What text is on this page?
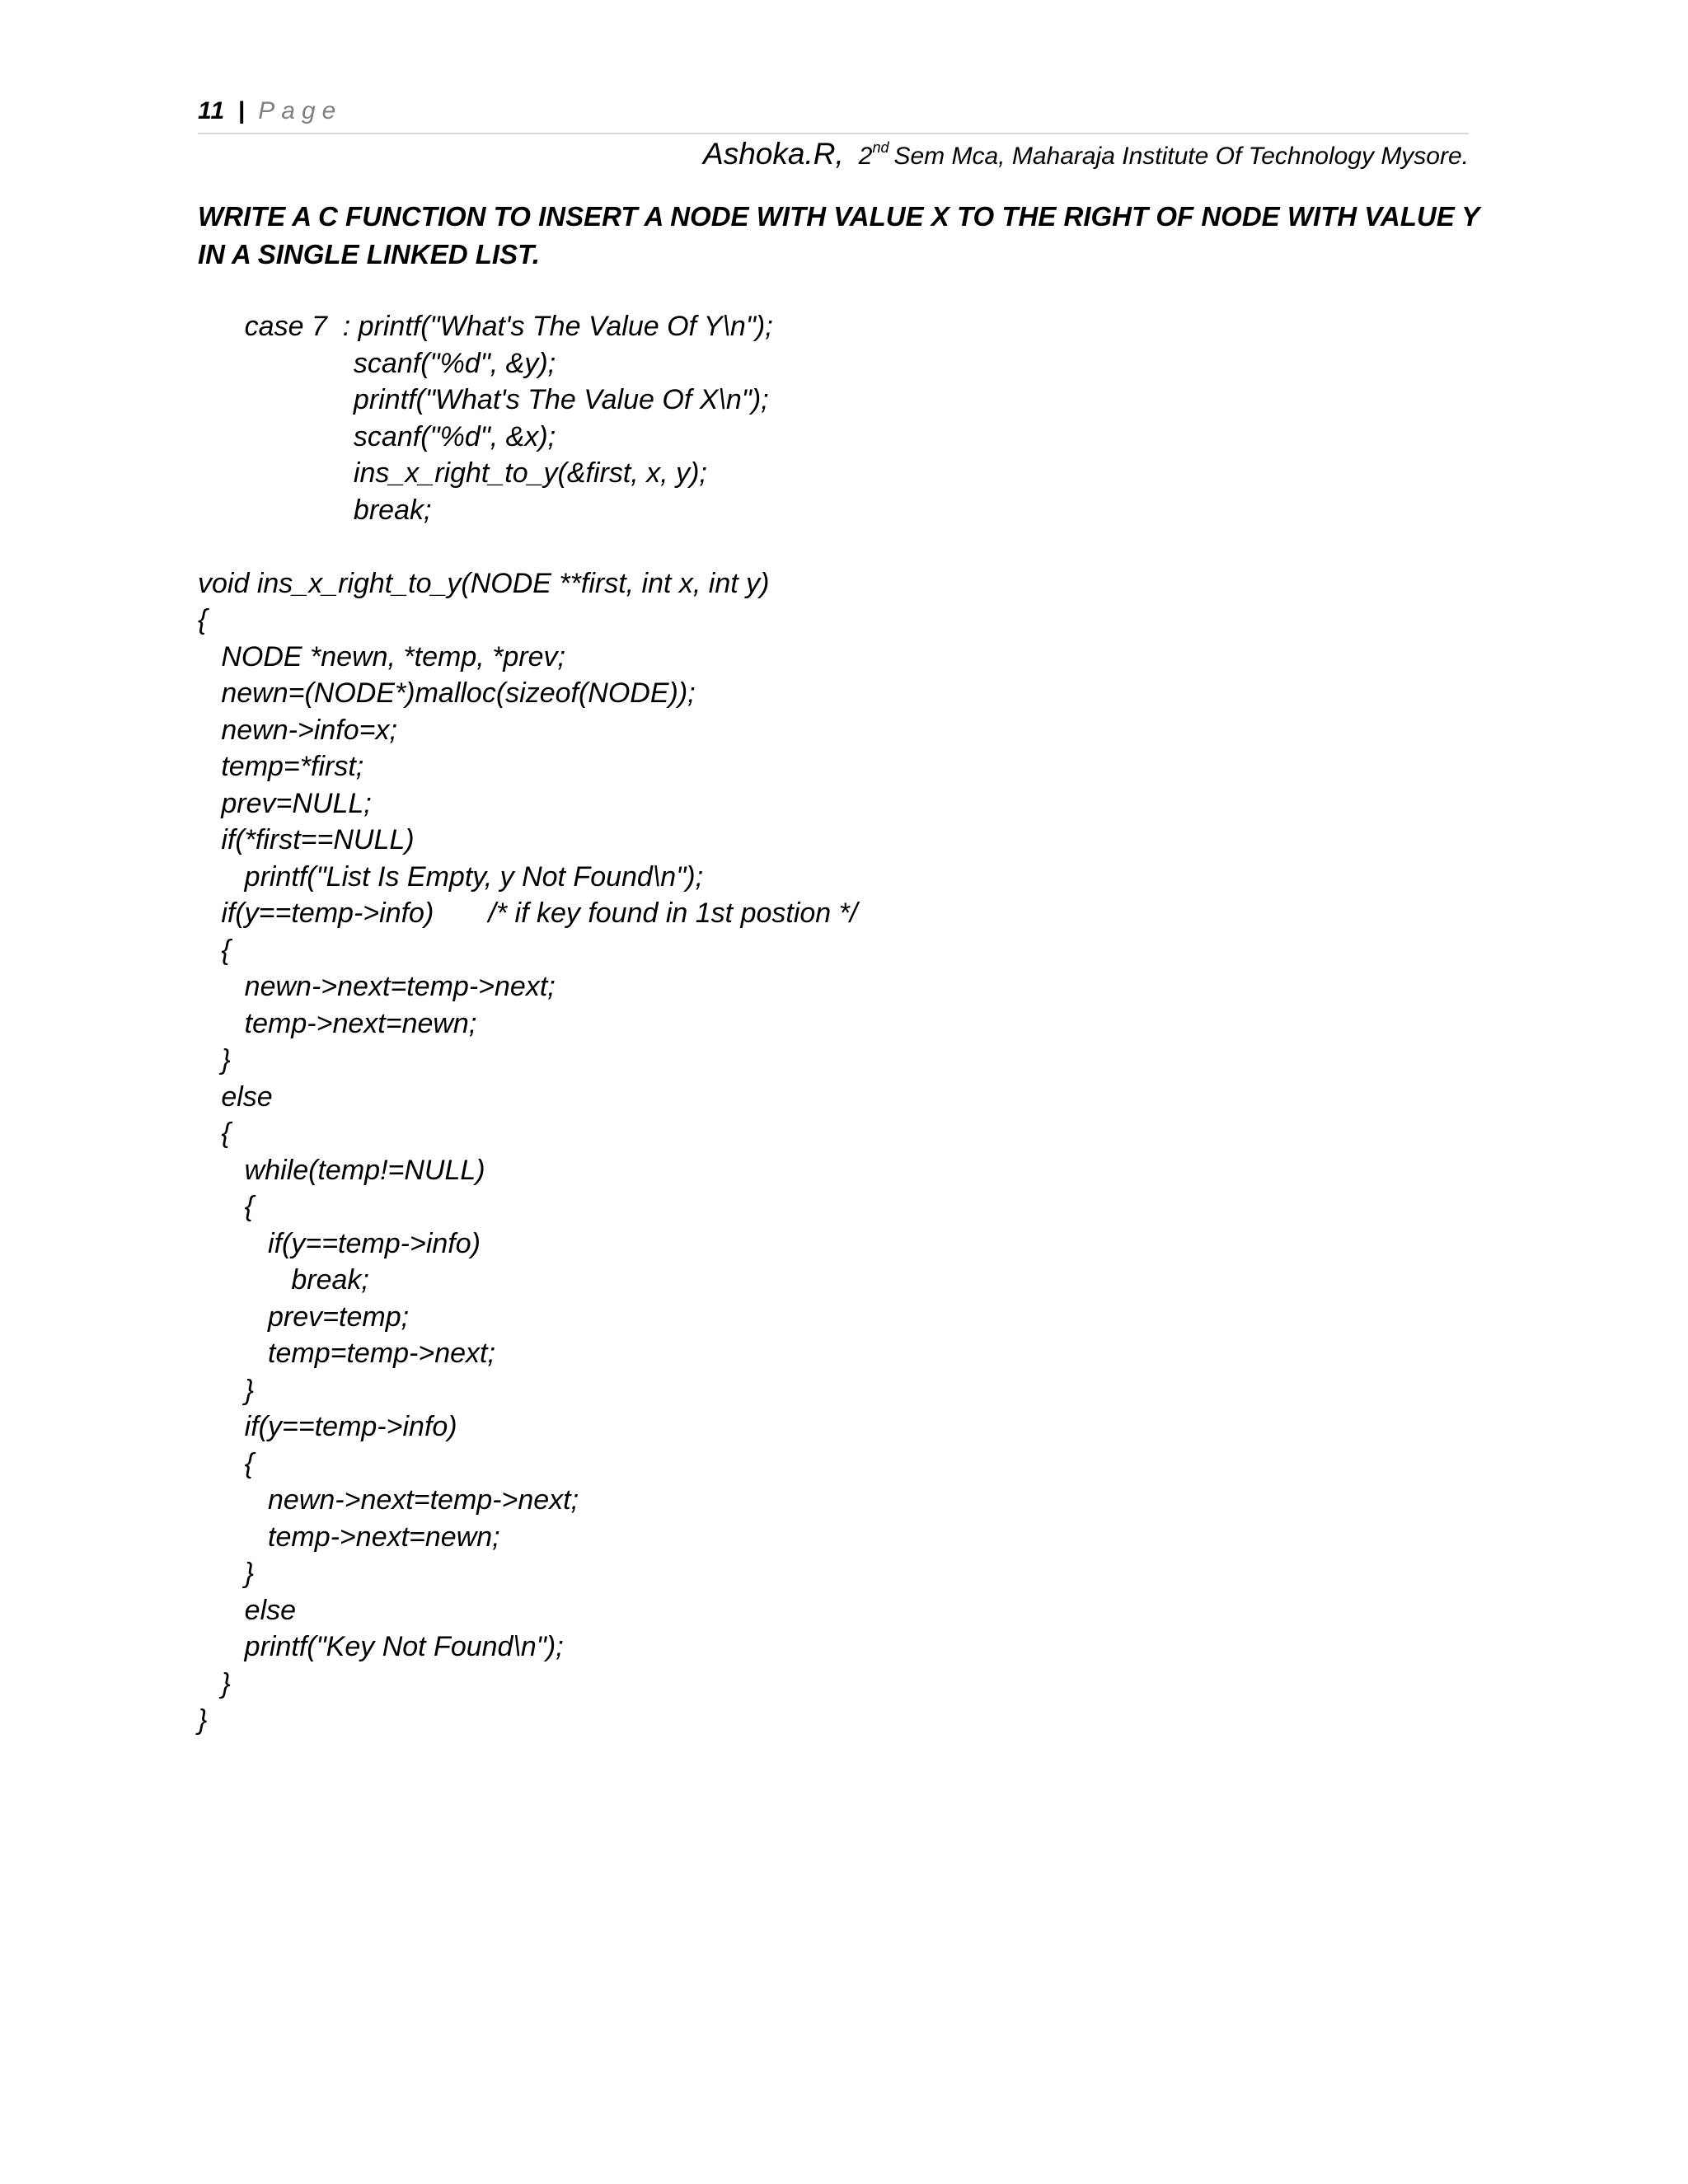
11 | Page
Ashoka.R, 2nd Sem Mca, Maharaja Institute Of Technology Mysore.
WRITE A C FUNCTION TO INSERT A NODE WITH VALUE X TO THE RIGHT OF NODE WITH VALUE Y IN A SINGLE LINKED LIST.
case 7  : printf("What's The Value Of Y\n");
scanf("%d", &y);
printf("What's The Value Of X\n");
scanf("%d", &x);
ins_x_right_to_y(&first, x, y);
break;
void ins_x_right_to_y(NODE **first, int x, int y)
{
NODE *newn, *temp, *prev;
newn=(NODE*)malloc(sizeof(NODE));
newn->info=x;
temp=*first;
prev=NULL;
if(*first==NULL)
printf("List Is Empty, y Not Found\n");
if(y==temp->info)       /* if key found in 1st postion */
{
newn->next=temp->next;
temp->next=newn;
}
else
{
while(temp!=NULL)
{
if(y==temp->info)
break;
prev=temp;
temp=temp->next;
}
if(y==temp->info)
{
newn->next=temp->next;
temp->next=newn;
}
else
printf("Key Not Found\n");
}
}
